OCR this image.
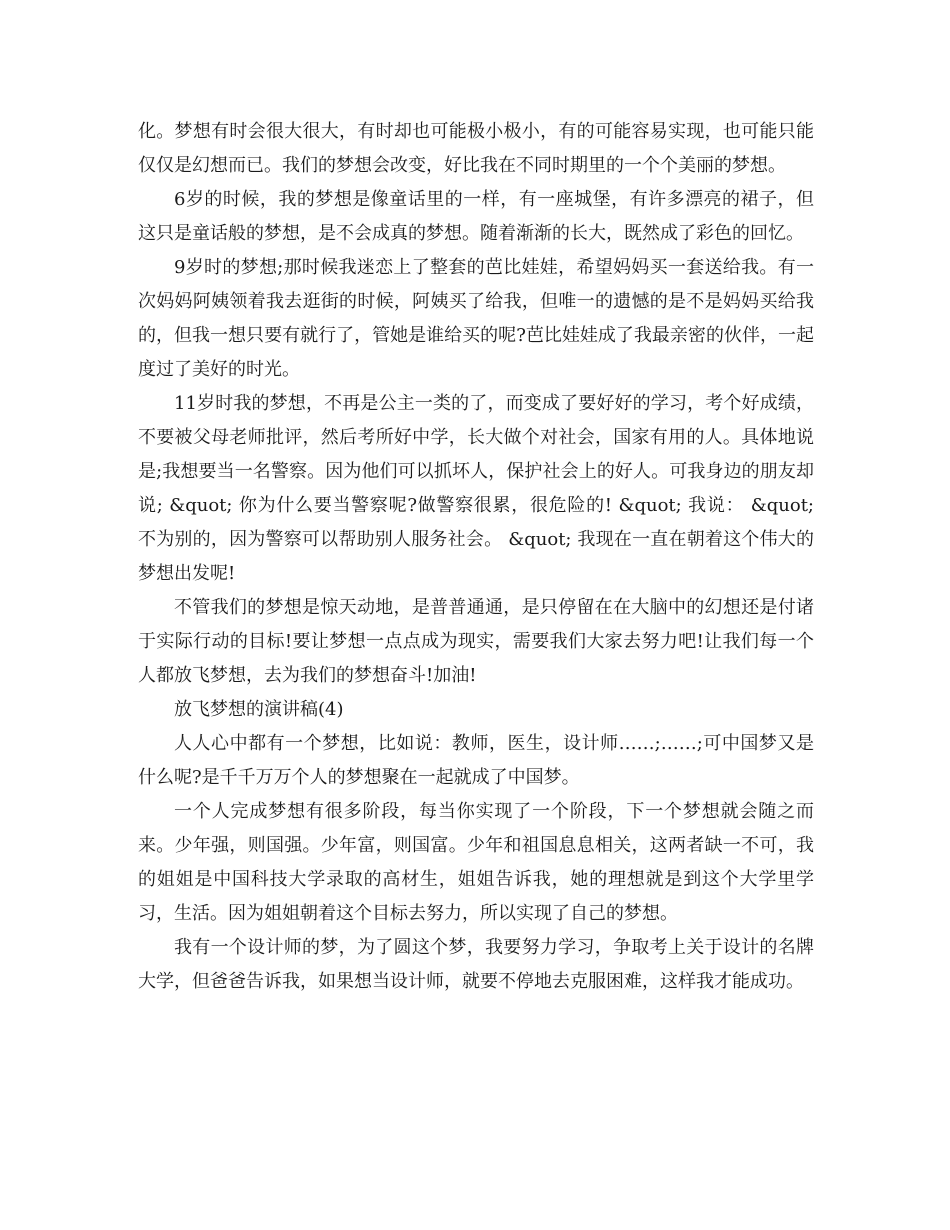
化。梦想有时会很大很大，有时却也可能极小极小，有的可能容易实现，也可能只能仅仅是幻想而已。我们的梦想会改变，好比我在不同时期里的一个个美丽的梦想。

6岁的时候，我的梦想是像童话里的一样，有一座城堡，有许多漂亮的裙子，但这只是童话般的梦想，是不会成真的梦想。随着渐渐的长大，既然成了彩色的回忆。

9岁时的梦想;那时候我迷恋上了整套的芭比娃娃，希望妈妈买一套送给我。有一次妈妈阿姨领着我去逛街的时候，阿姨买了给我，但唯一的遗憾的是不是妈妈买给我的，但我一想只要有就行了，管她是谁给买的呢?芭比娃娃成了我最亲密的伙伴，一起度过了美好的时光。

11岁时我的梦想，不再是公主一类的了，而变成了要好好的学习，考个好成绩，不要被父母老师批评，然后考所好中学，长大做个对社会，国家有用的人。具体地说是;我想要当一名警察。因为他们可以抓坏人，保护社会上的好人。可我身边的朋友却说; &quot; 你为什么要当警察呢?做警察很累，很危险的! &quot; 我说： &quot; 不为别的，因为警察可以帮助别人服务社会。 &quot; 我现在一直在朝着这个伟大的梦想出发呢!

不管我们的梦想是惊天动地，是普普通通，是只停留在在大脑中的幻想还是付诸于实际行动的目标!要让梦想一点点成为现实，需要我们大家去努力吧!让我们每一个人都放飞梦想，去为我们的梦想奋斗!加油!

放飞梦想的演讲稿(4)

人人心中都有一个梦想，比如说：教师，医生，设计师……;……;可中国梦又是什么呢?是千千万万个人的梦想聚在一起就成了中国梦。

一个人完成梦想有很多阶段，每当你实现了一个阶段，下一个梦想就会随之而来。少年强，则国强。少年富，则国富。少年和祖国息息相关，这两者缺一不可，我的姐姐是中国科技大学录取的高材生，姐姐告诉我，她的理想就是到这个大学里学习，生活。因为姐姐朝着这个目标去努力，所以实现了自己的梦想。

我有一个设计师的梦，为了圆这个梦，我要努力学习，争取考上关于设计的名牌大学，但爸爸告诉我，如果想当设计师，就要不停地去克服困难，这样我才能成功。
